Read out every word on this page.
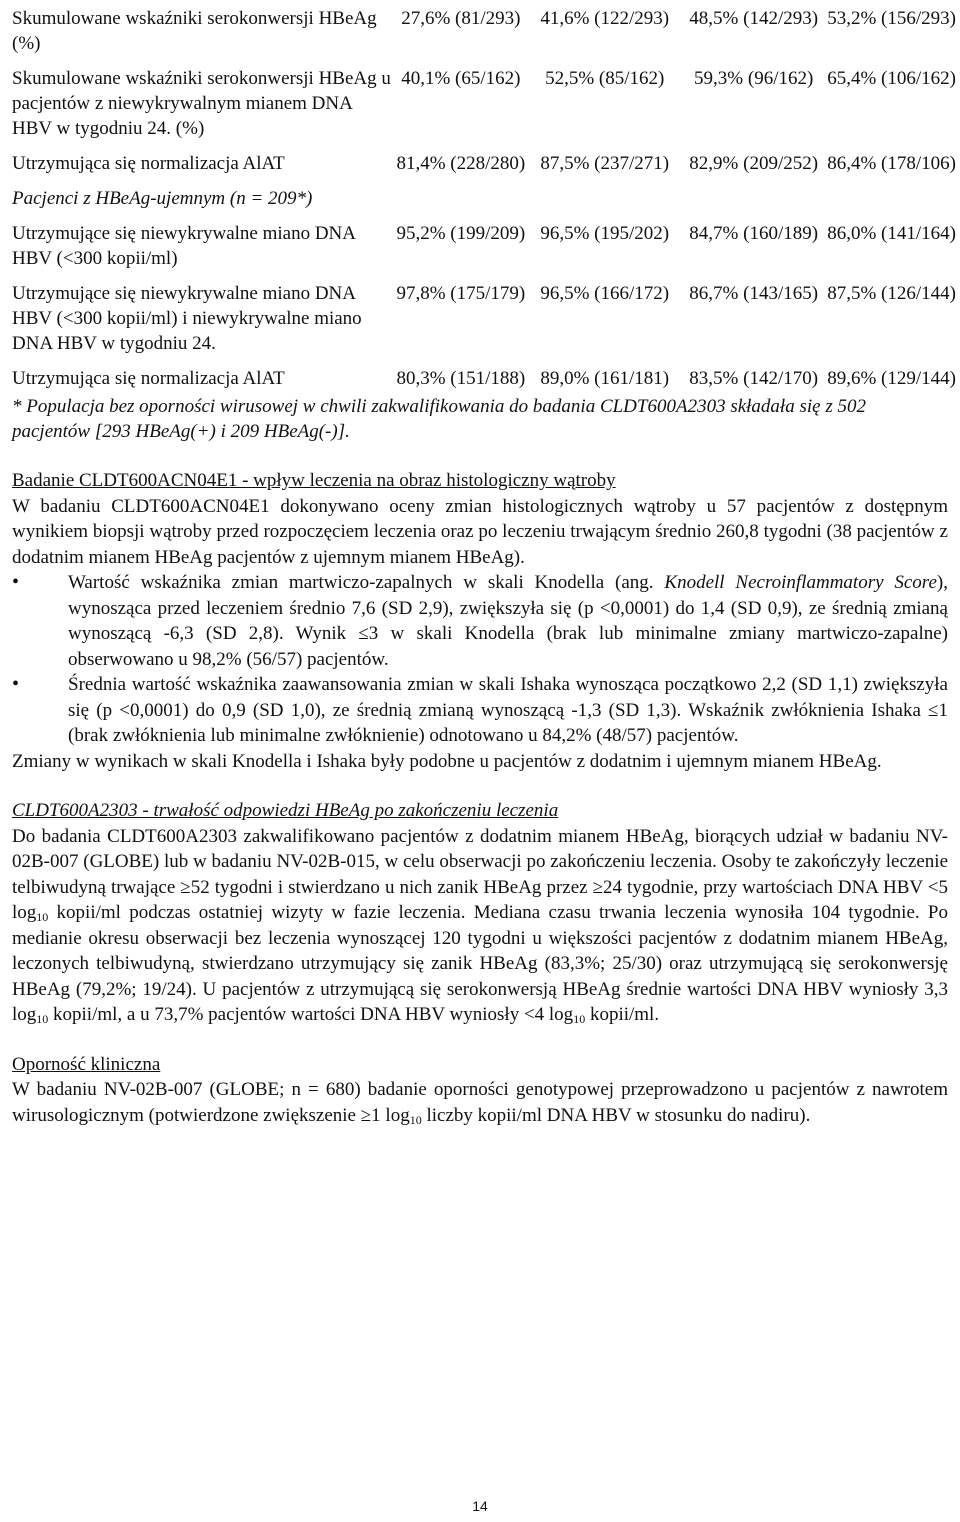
Skumulowane wskaźniki serokonwersji HBeAg (%)	27,6% (81/293)	41,6% (122/293)	48,5% (142/293)	53,2% (156/293)
Skumulowane wskaźniki serokonwersji HBeAg u pacjentów z niewykrywalnym mianem DNA HBV w tygodniu 24. (%)	40,1% (65/162)	52,5% (85/162)	59,3% (96/162)	65,4% (106/162)
Utrzymująca się normalizacja AlAT	81,4% (228/280)	87,5% (237/271)	82,9% (209/252)	86,4% (178/106)
Pacjenci z HBeAg-ujemnym (n = 209*)				
Utrzymujące się niewykrywalne miano DNA HBV (<300 kopii/ml)	95,2% (199/209)	96,5% (195/202)	84,7% (160/189)	86,0% (141/164)
Utrzymujące się niewykrywalne miano DNA HBV (<300 kopii/ml) i niewykrywalne miano DNA HBV w tygodniu 24.	97,8% (175/179)	96,5% (166/172)	86,7% (143/165)	87,5% (126/144)
Utrzymująca się normalizacja AlAT	80,3% (151/188)	89,0% (161/181)	83,5% (142/170)	89,6% (129/144)

* Populacja bez oporności wirusowej w chwili zakwalifikowania do badania CLDT600A2303 składała się z 502 pacjentów [293 HBeAg(+) i 209 HBeAg(-)].

Badanie CLDT600ACN04E1 - wpływ leczenia na obraz histologiczny wątroby

W badaniu CLDT600ACN04E1 dokonywano oceny zmian histologicznych wątroby u 57 pacjentów z dostępnym wynikiem biopsji wątroby przed rozpoczęciem leczenia oraz po leczeniu trwającym średnio 260,8 tygodni (38 pacjentów z dodatnim mianem HBeAg pacjentów z ujemnym mianem HBeAg).

• Wartość wskaźnika zmian martwiczo-zapalnych w skali Knodella (ang. Knodell Necroinflammatory Score), wynosząca przed leczeniem średnio 7,6 (SD 2,9), zwiększyła się (p <0,0001) do 1,4 (SD 0,9), ze średnią zmianą wynoszącą -6,3 (SD 2,8). Wynik ≤3 w skali Knodella (brak lub minimalne zmiany martwiczo-zapalne) obserwowano u 98,2% (56/57) pacjentów.
• Średnia wartość wskaźnika zaawansowania zmian w skali Ishaka wynosząca początkowo 2,2 (SD 1,1) zwiększyła się (p <0,0001) do 0,9 (SD 1,0), ze średnią zmianą wynoszącą -1,3 (SD 1,3). Wskaźnik zwłóknienia Ishaka ≤1 (brak zwłóknienia lub minimalne zwłóknienie) odnotowano u 84,2% (48/57) pacjentów.

Zmiany w wynikach w skali Knodella i Ishaka były podobne u pacjentów z dodatnim i ujemnym mianem HBeAg.

CLDT600A2303 - trwałość odpowiedzi HBeAg po zakończeniu leczenia

Do badania CLDT600A2303 zakwalifikowano pacjentów z dodatnim mianem HBeAg, biorących udział w badaniu NV-02B-007 (GLOBE) lub w badaniu NV-02B-015, w celu obserwacji po zakończeniu leczenia. Osoby te zakończyły leczenie telbiwudyną trwające ≥52 tygodni i stwierdzano u nich zanik HBeAg przez ≥24 tygodnie, przy wartościach DNA HBV <5 $\log_{10}$ kopii/ml podczas ostatniej wizyty w fazie leczenia. Mediana czasu trwania leczenia wynosiła 104 tygodnie. Po medianie okresu obserwacji bez leczenia wynoszącej 120 tygodni u większości pacjentów z dodatnim mianem HBeAg, leczonych telbiwudyną, stwierdzano utrzymujący się zanik HBeAg (83,3%; 25/30) oraz utrzymującą się serokonwersję HBeAg (79,2%; 19/24). U pacjentów z utrzymującą się serokonwersją HBeAg średnie wartości DNA HBV wyniosły 3,3 $\log_{10}$ kopii/ml, a u 73,7% pacjentów wartości DNA HBV wyniosły <4 $\log_{10}$ kopii/ml.

Oporność kliniczna

W badaniu NV-02B-007 (GLOBE; n = 680) badanie oporności genotypowej przeprowadzono u pacjentów z nawrotem wirusologicznym (potwierdzone zwiększenie ≥1 $\log_{10}$ liczby kopii/ml DNA HBV w stosunku do nadiru).

14
